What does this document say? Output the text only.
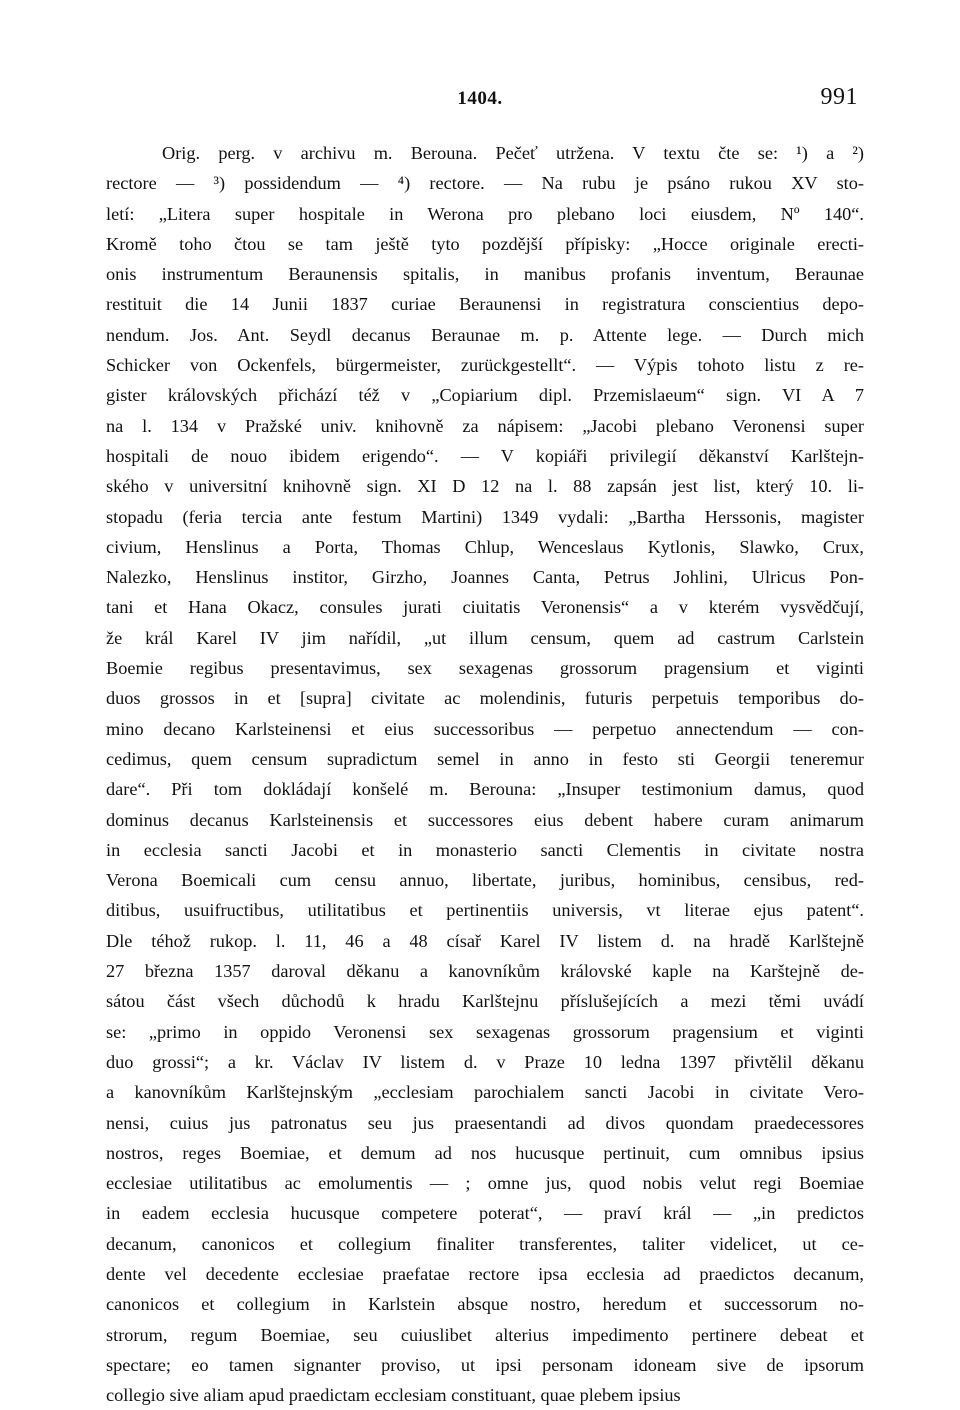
1404.	991
Orig. perg. v archivu m. Berouna. Pečeť utržena. V textu čte se: ¹) a ²)
rectore — ³) possidendum — ⁴) rectore. — Na rubu je psáno rukou XV sto-
letí: „Litera super hospitale in Werona pro plebano loci eiusdem, Nº 140“.
Kromě toho čtou se tam ještě tyto pozdější přípisky: „Hocce originale erecti-
onis instrumentum Beraunensis spitalis, in manibus profanis inventum, Beraunae
restituit die 14 Junii 1837 curiae Beraunensi in registratura conscientius depo-
nendum. Jos. Ant. Seydl decanus Beraunae m. p. Attente lege. — Durch mich
Schicker von Ockenfels, bürgermeister, zurückgestellt“. — Výpis tohoto listu z re-
gister královských přichází též v „Copiarium dipl. Przemislaeum“ sign. VI A 7
na l. 134 v Pražské univ. knihovně za nápisem: „Jacobi plebano Veronensi super
hospitali de nouo ibidem erigendo“. — V kopiáři privilegií děkanství Karlštejn-
ského v universitní knihovně sign. XI D 12 na l. 88 zapsán jest list, který 10. li-
stopadu (feria tercia ante festum Martini) 1349 vydali: „Bartha Herssonis, magister
civium, Henslinus a Porta, Thomas Chlup, Wenceslaus Kytlonis, Slawko, Crux,
Nalezko, Henslinus institor, Girzho, Joannes Canta, Petrus Johlini, Ulricus Pon-
tani et Hana Okacz, consules jurati ciuitatis Veronensis“ a v kterém vysvědčují,
že král Karel IV jim nařídil, „ut illum censum, quem ad castrum Carlstein
Boemie regibus presentavimus, sex sexagenas grossorum pragensium et viginti
duos grossos in et [supra] civitate ac molendinis, futuris perpetuis temporibus do-
mino decano Karlsteinensi et eius successoribus — perpetuo annectendum — con-
cedimus, quem censum supradictum semel in anno in festo sti Georgii teneremur
dare“. Při tom dokládají konšelé m. Berouna: „Insuper testimonium damus, quod
dominus decanus Karlsteinensis et successores eius debent habere curam animarum
in ecclesia sancti Jacobi et in monasterio sancti Clementis in civitate nostra
Verona Boemicali cum censu annuo, libertate, juribus, hominibus, censibus, red-
ditibus, usuifructibus, utilitatibus et pertinentiis universis, vt literae ejus patent“.
Dle téhož rukop. l. 11, 46 a 48 císař Karel IV listem d. na hradě Karlštejně
27 března 1357 daroval děkanu a kanovníkům královské kaple na Karštejně de-
sátou část všech důchodů k hradu Karlštejnu příslušejících a mezi těmi uvádí
se: „primo in oppido Veronensi sex sexagenas grossorum pragensium et viginti
duo grossi“; a kr. Václav IV listem d. v Praze 10 ledna 1397 přivtělil děkanu
a kanovníkům Karlštejnským „ecclesiam parochialem sancti Jacobi in civitate Vero-
nensi, cuius jus patronatus seu jus praesentandi ad divos quondam praedecessores
nostros, reges Boemiae, et demum ad nos hucusque pertinuit, cum omnibus ipsius
ecclesiae utilitatibus ac emolumentis — ; omne jus, quod nobis velut regi Boemiae
in eadem ecclesia hucusque competere poterat“, — praví král — „in predictos
decanum, canonicos et collegium finaliter transferentes, taliter videlicet, ut ce-
dente vel decedente ecclesiae praefatae rectore ipsa ecclesia ad praedictos decanum,
canonicos et collegium in Karlstein absque nostro, heredum et successorum no-
strorum, regum Boemiae, seu cuiuslibet alterius impedimento pertinere debeat et
spectare; eo tamen signanter proviso, ut ipsi personam idoneam sive de ipsorum
collegio sive aliam apud praedictam ecclesiam constituant, quae plebem ipsius
